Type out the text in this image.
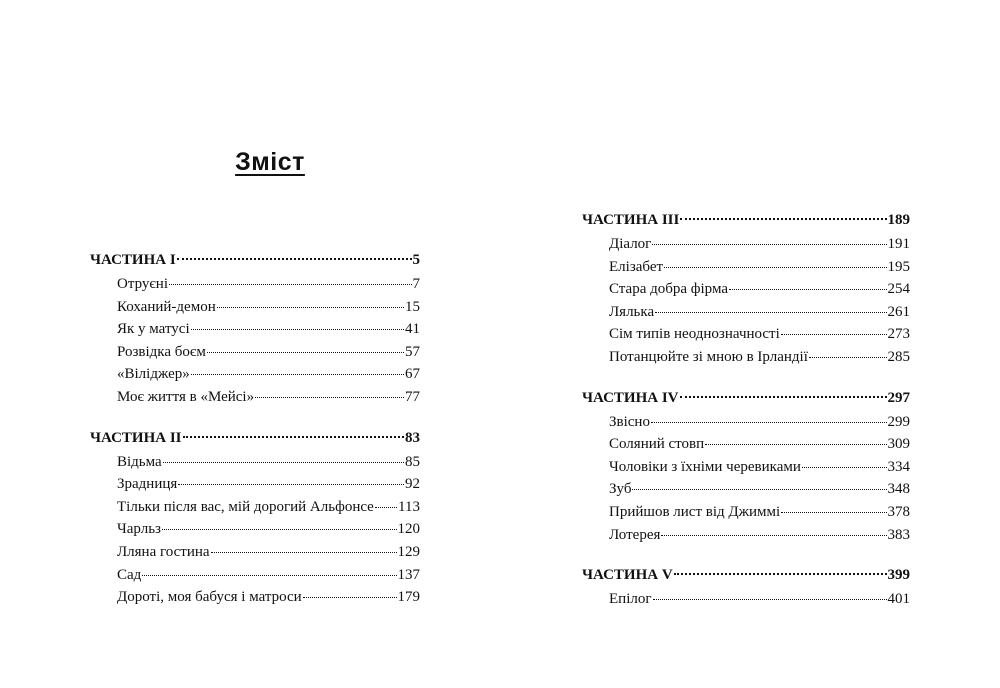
Зміст
ЧАСТИНА І	5
Отруєні	7
Коханий-демон	15
Як у матусі	41
Розвідка боєм	57
«Віліджер»	67
Моє життя в «Мейсі»	77
ЧАСТИНА ІІ	83
Відьма	85
Зрадниця	92
Тільки після вас, мій дорогий Альфонсе 113
Чарльз	120
Лляна гостина	129
Сад	137
Дороті, моя бабуся і матроси	179
ЧАСТИНА ІІІ	189
Діалог	191
Елізабет	195
Стара добра фірма	254
Лялька	261
Сім типів неоднозначності	273
Потанцюйте зі мною в Ірландії	285
ЧАСТИНА IV	297
Звісно	299
Соляний стовп	309
Чоловіки з їхніми черевиками	334
Зуб	348
Прийшов лист від Джиммі	378
Лотерея	383
ЧАСТИНА V	399
Епілог	401
